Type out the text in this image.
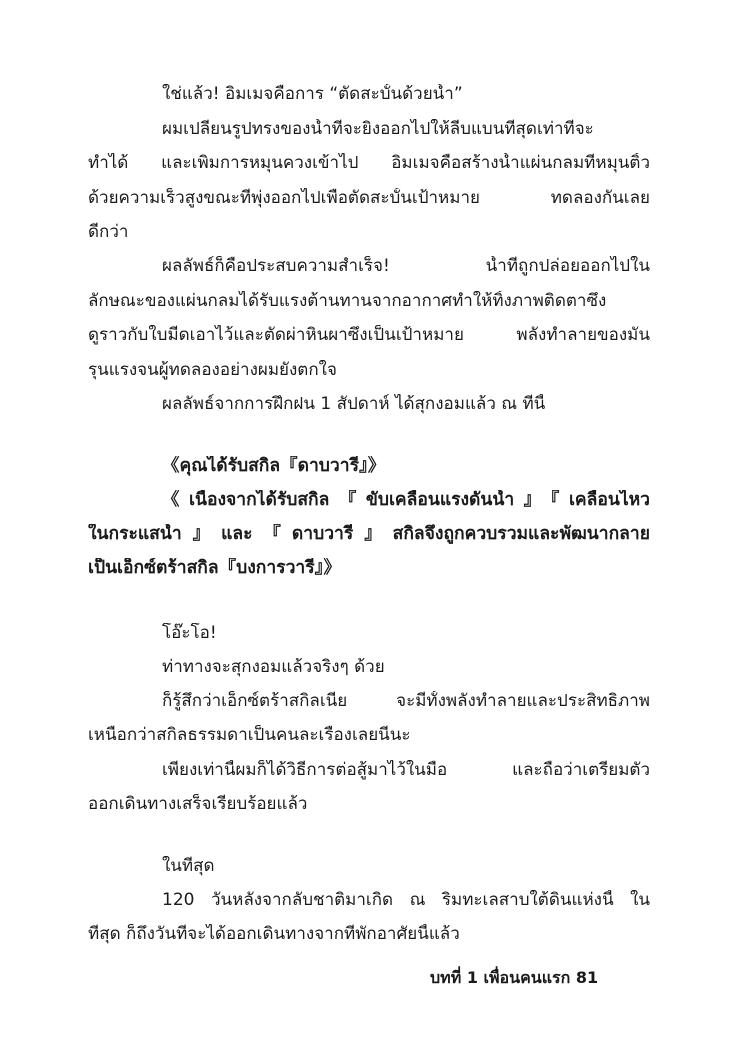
ใช่แล้ว! อิมเมจคือการ “ตัดสะบั้นด้วยน้ำ”
ผมเปลี่ยนรูปทรงของน้ำที่จะยิงออกไปให้ลีบแบนที่สุดเท่าที่จะ
ทำได้ และเพิ่มการหมุนควงเข้าไป อิมเมจคือสร้างน้ำแผ่นกลมที่หมุนติ้ว
ด้วยความเร็วสูงขณะที่พุ่งออกไปเพื่อตัดสะบั้นเป้าหมาย ทดลองกันเลย
ดีกว่า
ผลลัพธ์ก็คือประสบความสำเร็จ! น้ำที่ถูกปล่อยออกไปใน
ลักษณะของแผ่นกลมได้รับแรงต้านทานจากอากาศทำให้ทิ้งภาพติดตาซึ่ง
ดูราวกับใบมีดเอาไว้และตัดผ่าหินผาซึ่งเป็นเป้าหมาย พลังทำลายของมัน
รุนแรงจนผู้ทดลองอย่างผมยังตกใจ
ผลลัพธ์จากการฝึกฝน 1 สัปดาห์ ได้สุกงอมแล้ว ณ ที่นี้
《คุณได้รับสกิล『ดาบวารี』》
《เนื่องจากได้รับสกิล『ขับเคลื่อนแรงดันน้ำ』『เคลื่อนไหว
ในกระแสน้ำ』และ『ดาบวารี』สกิลจึงถูกควบรวมและพัฒนากลาย
เป็นเอ็กซ์ตร้าสกิล『บงการวารี』》
โอ๊ะโอ!
ท่าทางจะสุกงอมแล้วจริงๆ ด้วย
ก็รู้สึกว่าเอ็กซ์ตร้าสกิลเนี่ย จะมีทั้งพลังทำลายและประสิทธิภาพ
เหนือกว่าสกิลธรรมดาเป็นคนละเรื่องเลยนี่นะ
เพียงเท่านี้ผมก็ได้วิธีการต่อสู้มาไว้ในมือ และถือว่าเตรียมตัว
ออกเดินทางเสร็จเรียบร้อยแล้ว
ในที่สุด
120 วันหลังจากลับชาติมาเกิด ณ ริมทะเลสาบใต้ดินแห่งนี้ ใน
ที่สุด ก็ถึงวันที่จะได้ออกเดินทางจากที่พักอาศัยนี้แล้ว
บทที่ 1 เพื่อนคนแรก 81
